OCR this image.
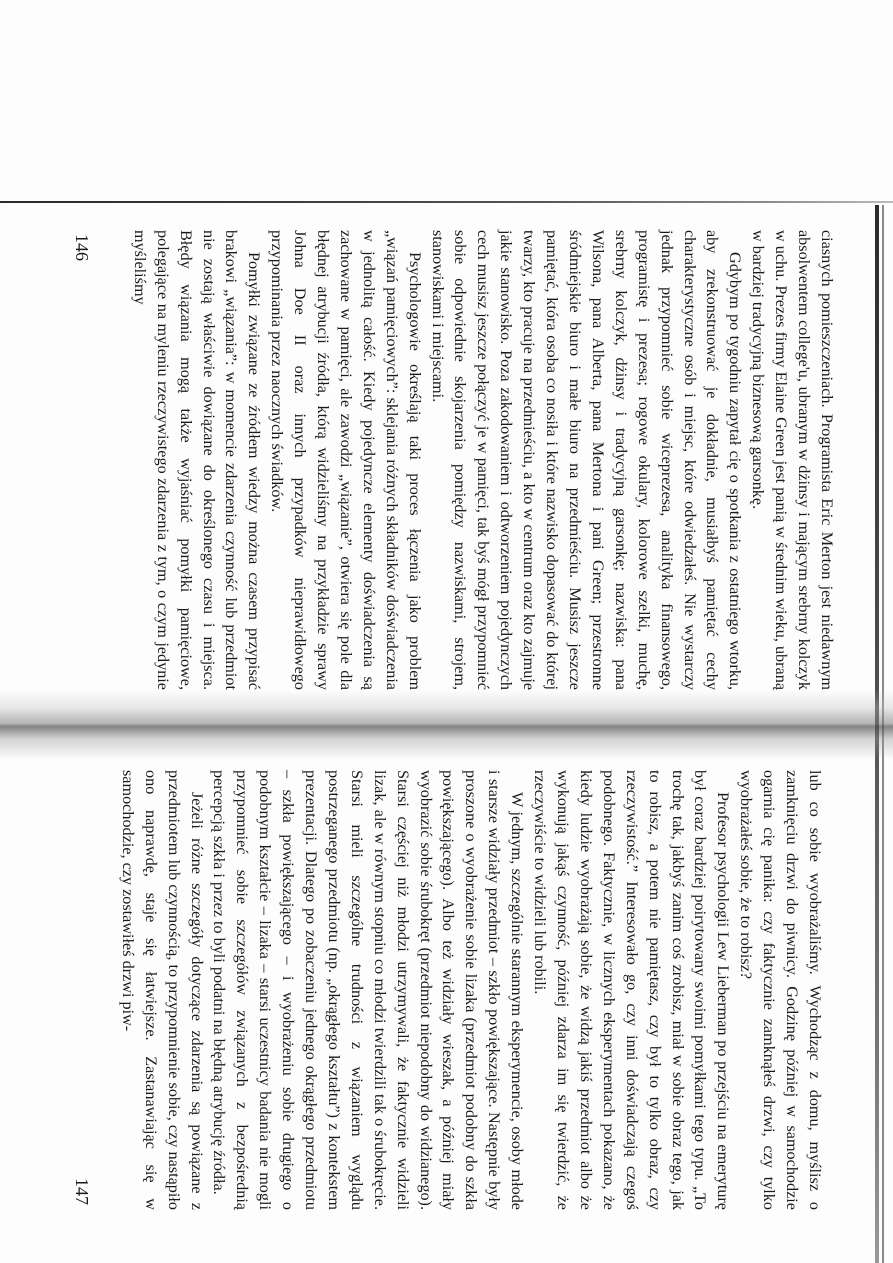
ciasnych pomieszczeniach. Programista Eric Merton jest niedawnym absolwentem college'u, ubranym w dżinsy i mającym srebrny kolczyk w uchu. Prezes firmy Elaine Green jest panią w średnim wieku, ubraną w bardziej tradycyjną biznesową garsonkę.

Gdybym po tygodniu zapytał cię o spotkania z ostatniego wtorku, aby zrekonstruować je dokładnie, musiałbyś pamiętać cechy charakterystyczne osób i miejsc, które odwiedzałeś. Nie wystarczy jednak przypomnieć sobie wiceprezesa, analityka finansowego, programistę i prezesa; rogowe okulary, kolorowe szelki, muchę, srebrny kolczyk, dżinsy i tradycyjną garsonkę; nazwiska: pana Wilsona, pana Alberta, pana Mertona i pani Green; przestronne śródmiejskie biuro i małe biuro na przedmieściu. Musisz jeszcze pamiętać, która osoba co nosiła i które nazwisko dopasować do której twarzy, kto pracuje na przedmieściu, a kto w centrum oraz kto zajmuje jakie stanowisko. Poza zakodowaniem i odtworzeniem pojedynczych cech musisz jeszcze połączyć je w pamięci, tak byś mógł przypomnieć sobie odpowiednie skojarzenia pomiędzy nazwiskami, strojem, stanowiskami i miejscami.

Psychologowie określają taki proces łączenia jako problem „wiązań pamięciowych”: sklejania różnych składników doświadczenia w jednolitą całość. Kiedy pojedyncze elementy doświadczenia są zachowane w pamięci, ale zawodzi „wiązanie”, otwiera się pole dla błędnej atrybucji źródła, którą widzieliśmy na przykładzie sprawy Johna Doe II oraz innych przypadków nieprawidłowego przypominania przez naocznych świadków.

Pomyłki związane ze źródłem wiedzy można czasem przypisać brakowi „wiązania”: w momencie zdarzenia czynność lub przedmiot nie zostają właściwie dowiązane do określonego czasu i miejsca. Błędy wiązania mogą także wyjaśniać pomyłki pamięciowe, polegające na myleniu rzeczywistego zdarzenia z tym, o czym jedynie myśleliśmy

lub co sobie wyobrażaliśmy. Wychodząc z domu, myślisz o zamknięciu drzwi do piwnicy. Godzinę później w samochodzie ogarnia cię panika: czy faktycznie zamknąłeś drzwi, czy tylko wyobrażałeś sobie, że to robisz?

Profesor psychologii Lew Lieberman po przejściu na emeryturę był coraz bardziej poirytowany swoimi pomyłkami tego typu. „To trochę tak, jakbyś zanim coś zrobisz, miał w sobie obraz tego, jak to robisz, a potem nie pamiętasz, czy był to tylko obraz, czy rzeczywistość.” Interesowało go, czy inni doświadczają czegoś podobnego. Faktycznie, w licznych eksperymentach pokazano, że kiedy ludzie wyobrażają sobie, że widzą jakiś przedmiot albo że wykonują jakąś czynność, później zdarza im się twierdzić, że rzeczywiście to widzieli lub robili.

W jednym, szczególnie starannym eksperymencie, osoby młode i starsze widziały przedmiot – szkło powiększające. Następnie były proszone o wyobrażenie sobie lizaka (przedmiot podobny do szkła powiększającego). Albo też widziały wieszak, a później miały wyobrazić sobie śrubokręt (przedmiot niepodobny do widzianego). Starsi częściej niż młodzi utrzymywali, że faktycznie widzieli lizak, ale w równym stopniu co młodzi twierdzili tak o śrubokręcie. Starsi mieli szczególne trudności z wiązaniem wyglądu postrzeganego przedmiotu (np. „okrągłego kształtu”) z kontekstem prezentacji. Dlatego po zobaczeniu jednego okrągłego przedmiotu – szkła powiększającego – i wyobrażeniu sobie drugiego o podobnym kształcie – lizaka – starsi uczestnicy badania nie mogli przypomnieć sobie szczegółów związanych z bezpośrednią percepcją szkła i przez to byli podatni na błędną atrybucję źródła.

Jeżeli różne szczegóły dotyczące zdarzenia są powiązane z przedmiotem lub czynnością, to przypomnienie sobie, czy nastąpiło ono naprawdę, staje się łatwiejsze. Zastanawiając się w samochodzie, czy zostawiłeś drzwi piw-

146
147
